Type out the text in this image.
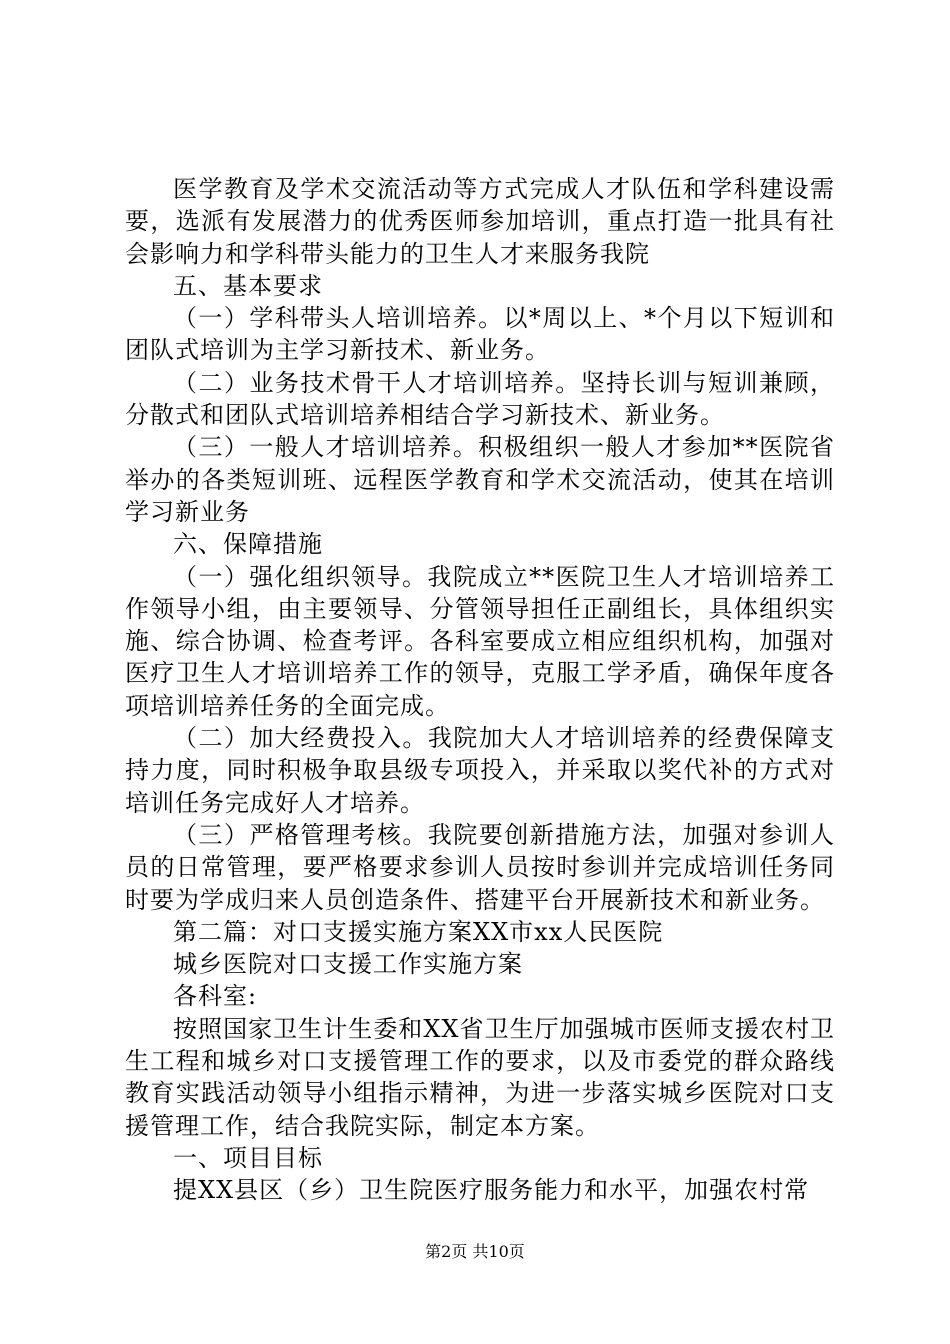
医学教育及学术交流活动等方式完成人才队伍和学科建设需要，选派有发展潜力的优秀医师参加培训，重点打造一批具有社会影响力和学科带头能力的卫生人才来服务我院

五、基本要求

（一）学科带头人培训培养。以*周以上、*个月以下短训和团队式培训为主学习新技术、新业务。

（二）业务技术骨干人才培训培养。坚持长训与短训兼顾，分散式和团队式培训培养相结合学习新技术、新业务。

（三）一般人才培训培养。积极组织一般人才参加**医院省举办的各类短训班、远程医学教育和学术交流活动，使其在培训学习新业务

六、保障措施

（一）强化组织领导。我院成立**医院卫生人才培训培养工作领导小组，由主要领导、分管领导担任正副组长，具体组织实施、综合协调、检查考评。各科室要成立相应组织机构，加强对医疗卫生人才培训培养工作的领导，克服工学矛盾，确保年度各项培训培养任务的全面完成。

（二）加大经费投入。我院加大人才培训培养的经费保障支持力度，同时积极争取县级专项投入，并采取以奖代补的方式对培训任务完成好人才培养。

（三）严格管理考核。我院要创新措施方法，加强对参训人员的日常管理，要严格要求参训人员按时参训并完成培训任务同时要为学成归来人员创造条件、搭建平台开展新技术和新业务。

第二篇：对口支援实施方案XX市xx人民医院

城乡医院对口支援工作实施方案

各科室:

按照国家卫生计生委和XX省卫生厅加强城市医师支援农村卫生工程和城乡对口支援管理工作的要求，以及市委党的群众路线教育实践活动领导小组指示精神，为进一步落实城乡医院对口支援管理工作，结合我院实际，制定本方案。

一、项目目标

提XX县区（乡）卫生院医疗服务能力和水平，加强农村常

第2页 共10页
